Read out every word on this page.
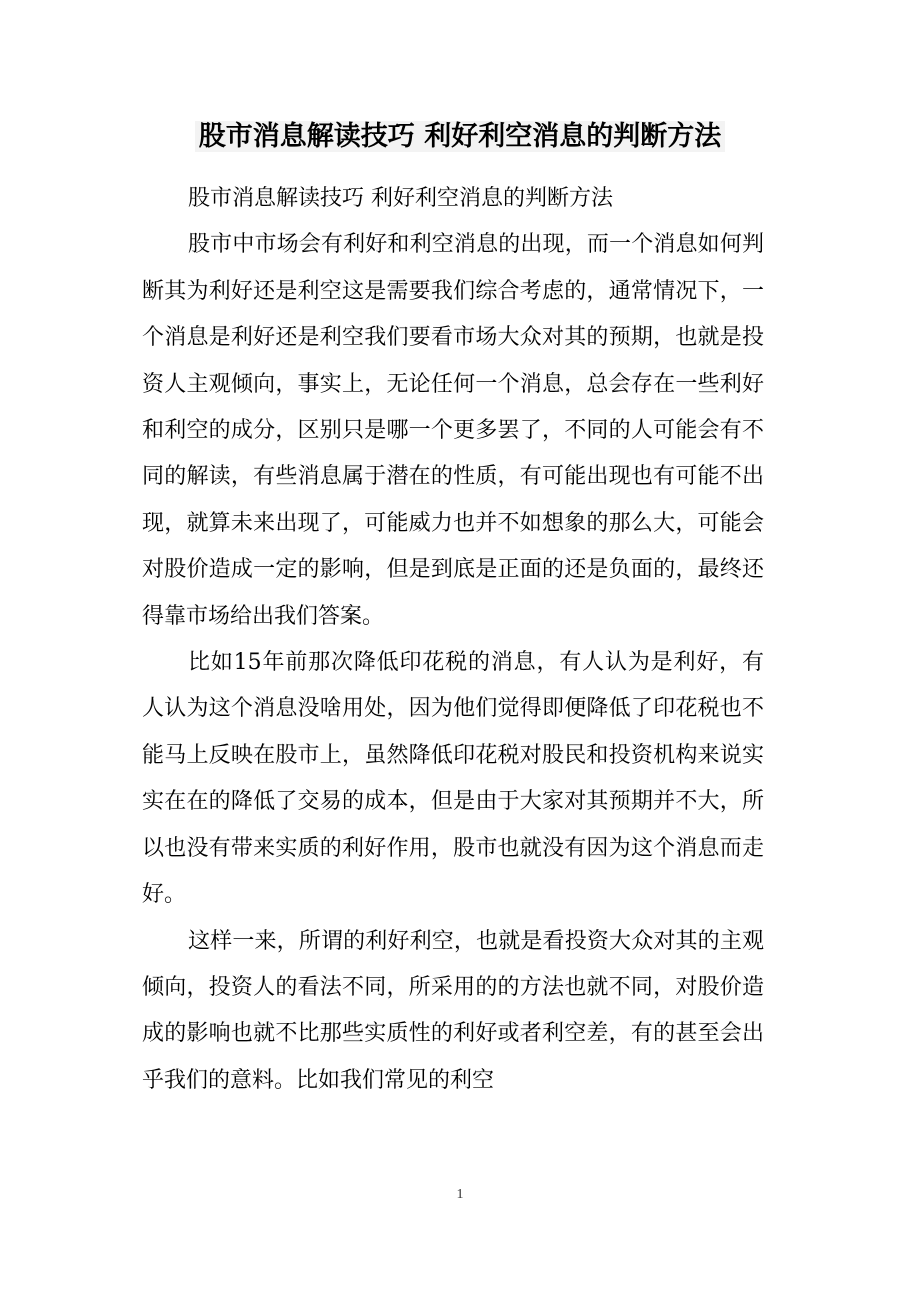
股市消息解读技巧 利好利空消息的判断方法

股市消息解读技巧 利好利空消息的判断方法

股市中市场会有利好和利空消息的出现，而一个消息如何判断其为利好还是利空这是需要我们综合考虑的，通常情况下，一个消息是利好还是利空我们要看市场大众对其的预期，也就是投资人主观倾向，事实上，无论任何一个消息，总会存在一些利好和利空的成分，区别只是哪一个更多罢了，不同的人可能会有不同的解读，有些消息属于潜在的性质，有可能出现也有可能不出现，就算未来出现了，可能威力也并不如想象的那么大，可能会对股价造成一定的影响，但是到底是正面的还是负面的，最终还得靠市场给出我们答案。

比如15年前那次降低印花税的消息，有人认为是利好，有人认为这个消息没啥用处，因为他们觉得即便降低了印花税也不能马上反映在股市上，虽然降低印花税对股民和投资机构来说实实在在的降低了交易的成本，但是由于大家对其预期并不大，所以也没有带来实质的利好作用，股市也就没有因为这个消息而走好。

这样一来，所谓的利好利空，也就是看投资大众对其的主观倾向，投资人的看法不同，所采用的的方法也就不同，对股价造成的影响也就不比那些实质性的利好或者利空差，有的甚至会出乎我们的意料。比如我们常见的利空

1
